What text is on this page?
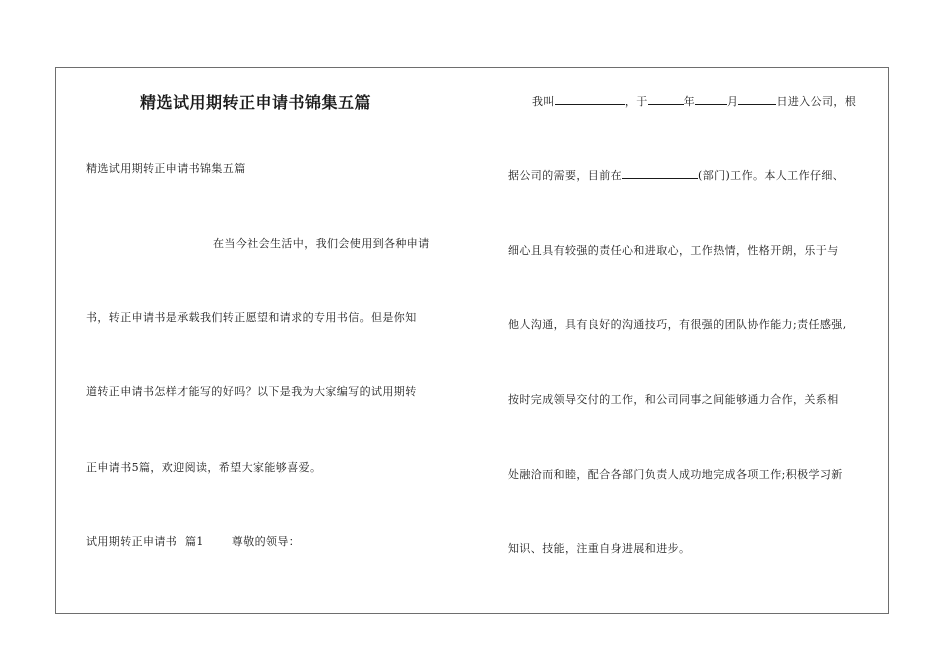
精选试用期转正申请书锦集五篇
精选试用期转正申请书锦集五篇
在当今社会生活中，我们会使用到各种申请
书，转正申请书是承载我们转正愿望和请求的专用书信。但是你知
道转正申请书怎样才能写的好吗？以下是我为大家编写的试用期转
正申请书5篇，欢迎阅读，希望大家能够喜爱。
试用期转正申请书  篇1	尊敬的领导：
我叫	，于	年	月	日进入公司，根
据公司的需要，目前在	(部门)工作。本人工作仔细、
细心且具有较强的责任心和进取心，工作热情，性格开朗，乐于与
他人沟通，具有良好的沟通技巧，有很强的团队协作能力;责任感强,
按时完成领导交付的工作，和公司同事之间能够通力合作，关系相
处融洽而和睦，配合各部门负责人成功地完成各项工作;积极学习新
知识、技能，注重自身进展和进步。
